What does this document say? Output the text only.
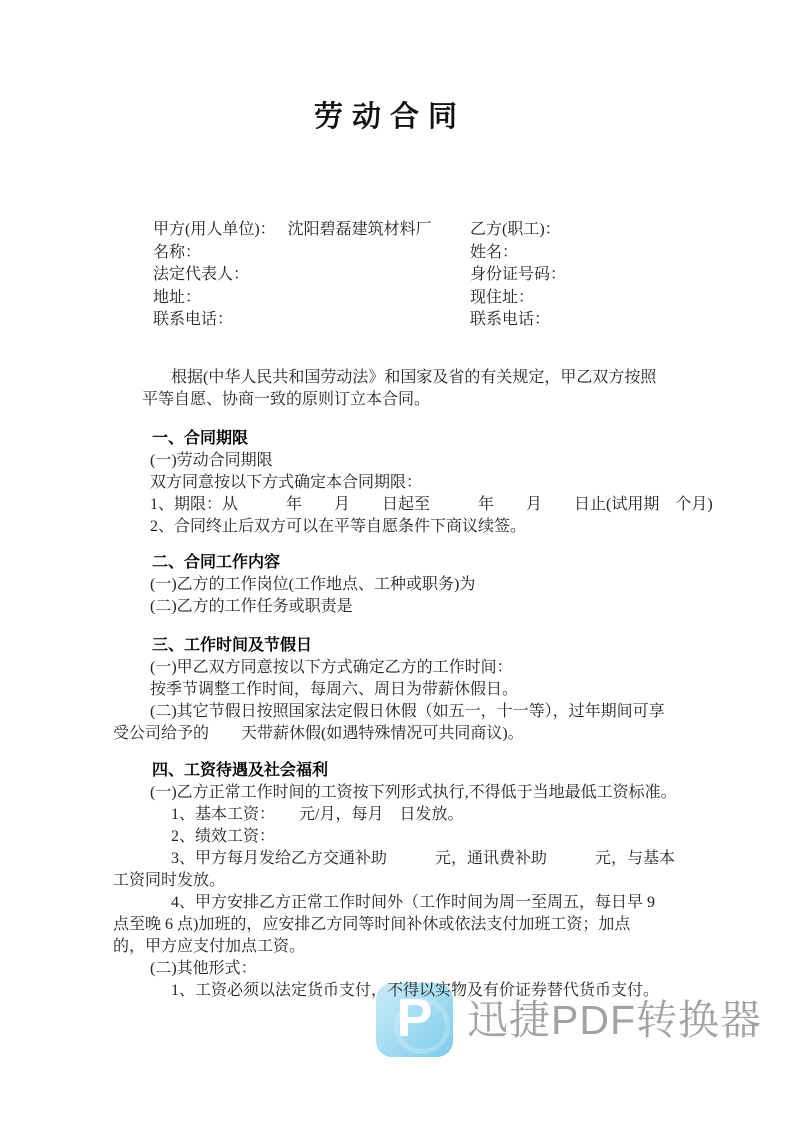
劳动合同
甲方(用人单位)： 沈阳碧磊建筑材料厂	乙方(职工)：
名称：	姓名：
法定代表人：	身份证号码：
地址：	现住址：
联系电话：	联系电话：
根据(中华人民共和国劳动法》和国家及省的有关规定，甲乙双方按照
平等自愿、协商一致的原则订立本合同。
一、合同期限
(一)劳动合同期限
双方同意按以下方式确定本合同期限：
1、期限：从　　　年　　月　　日起至　　　年　　月　　日止(试用期　个月)
2、合同终止后双方可以在平等自愿条件下商议续签。
二、合同工作内容
(一)乙方的工作岗位(工作地点、工种或职务)为
(二)乙方的工作任务或职责是
三、工作时间及节假日
(一)甲乙双方同意按以下方式确定乙方的工作时间：
按季节调整工作时间，每周六、周日为带薪休假日。
(二)其它节假日按照国家法定假日休假（如五一，十一等），过年期间可享
受公司给予的　　天带薪休假(如遇特殊情况可共同商议)。
四、工资待遇及社会福利
(一)乙方正常工作时间的工资按下列形式执行,不得低于当地最低工资标准。
1、基本工资：　　元/月，每月　日发放。
2、绩效工资：
3、甲方每月发给乙方交通补助　　　元，通讯费补助　　　元，与基本
工资同时发放。
4、甲方安排乙方正常工作时间外（工作时间为周一至周五，每日早 9
点至晚 6 点)加班的，应安排乙方同等时间补休或依法支付加班工资；加点
的，甲方应支付加点工资。
(二)其他形式：
1、工资必须以法定货币支付，不得以实物及有价证券替代货币支付。
P 迅捷PDF转换器
